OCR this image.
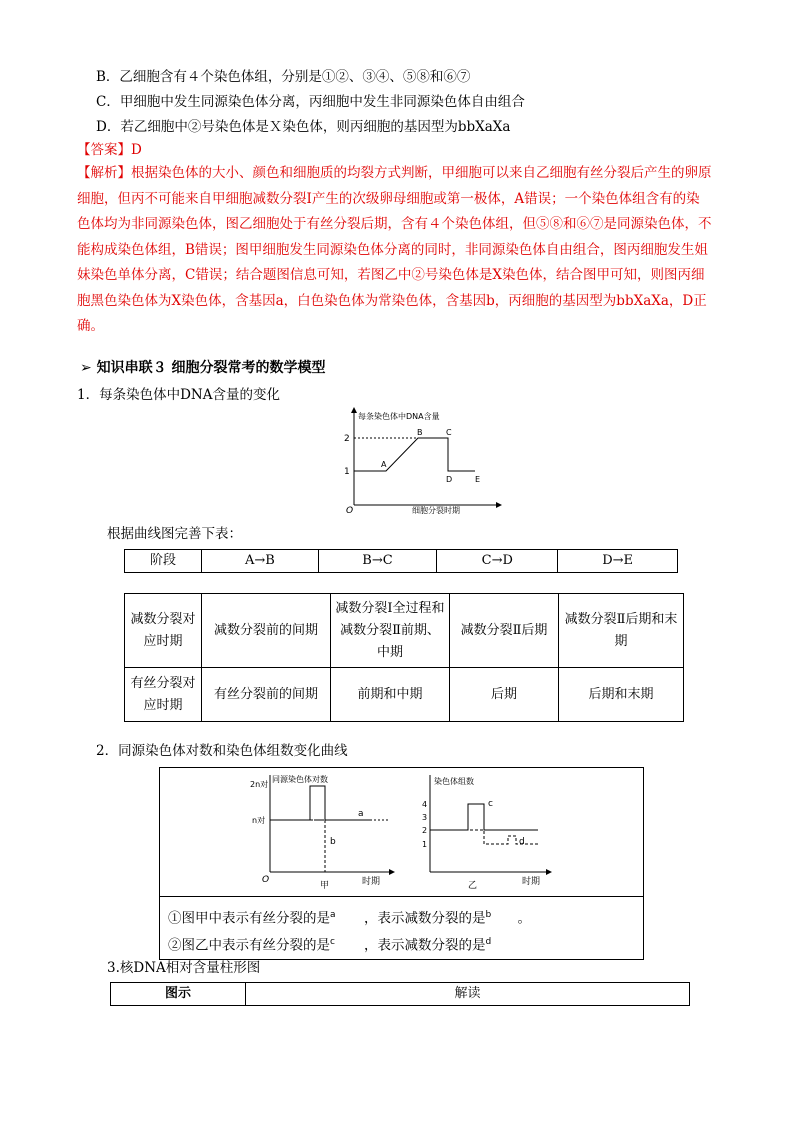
B．乙细胞含有４个染色体组，分别是①②、③④、⑤⑧和⑥⑦
C．甲细胞中发生同源染色体分离，丙细胞中发生非同源染色体自由组合
D．若乙细胞中②号染色体是Ｘ染色体，则丙细胞的基因型为bbXaXa
【答案】D
【解析】根据染色体的大小、颜色和细胞质的均裂方式判断，甲细胞可以来自乙细胞有丝分裂后产生的卵原细胞，但丙不可能来自甲细胞减数分裂Ⅰ产生的次级卵母细胞或第一极体，A错误；一个染色体组含有的染色体均为非同源染色体，图乙细胞处于有丝分裂后期，含有４个染色体组，但⑤⑧和⑥⑦是同源染色体，不能构成染色体组，B错误；图甲细胞发生同源染色体分离的同时，非同源染色体自由组合，图丙细胞发生姐妹染色单体分离，C错误；结合题图信息可知，若图乙中②号染色体是X染色体，结合图甲可知，则图丙细胞黑色染色体为X染色体，含基因a，白色染色体为常染色体，含基因b，丙细胞的基因型为bbXaXa，D正确。
➢ 知识串联３ 细胞分裂常考的数学模型
1．每条染色体中DNA含量的变化
每条染色体中DNA含量
2
1
A
B	C
D	E
O	细胞分裂时期
根据曲线图完善下表：
阶段	A→B	B→C	C→D	D→E
减数分裂对应时期	减数分裂前的间期	减数分裂Ⅰ全过程和减数分裂Ⅱ前期、中期	减数分裂Ⅱ后期	减数分裂Ⅱ后期和末期
有丝分裂对应时期	有丝分裂前的间期	前期和中期	后期	后期和末期
2．同源染色体对数和染色体组数变化曲线
2n对
n对
同源染色体对数
a
b
O	时期
甲
染色体组数
4
3
2
1
c
d
时期
乙
①图甲中表示有丝分裂的是a ，表示减数分裂的是b 。
②图乙中表示有丝分裂的是c ，表示减数分裂的是d
3.核DNA相对含量柱形图
图示	解读
